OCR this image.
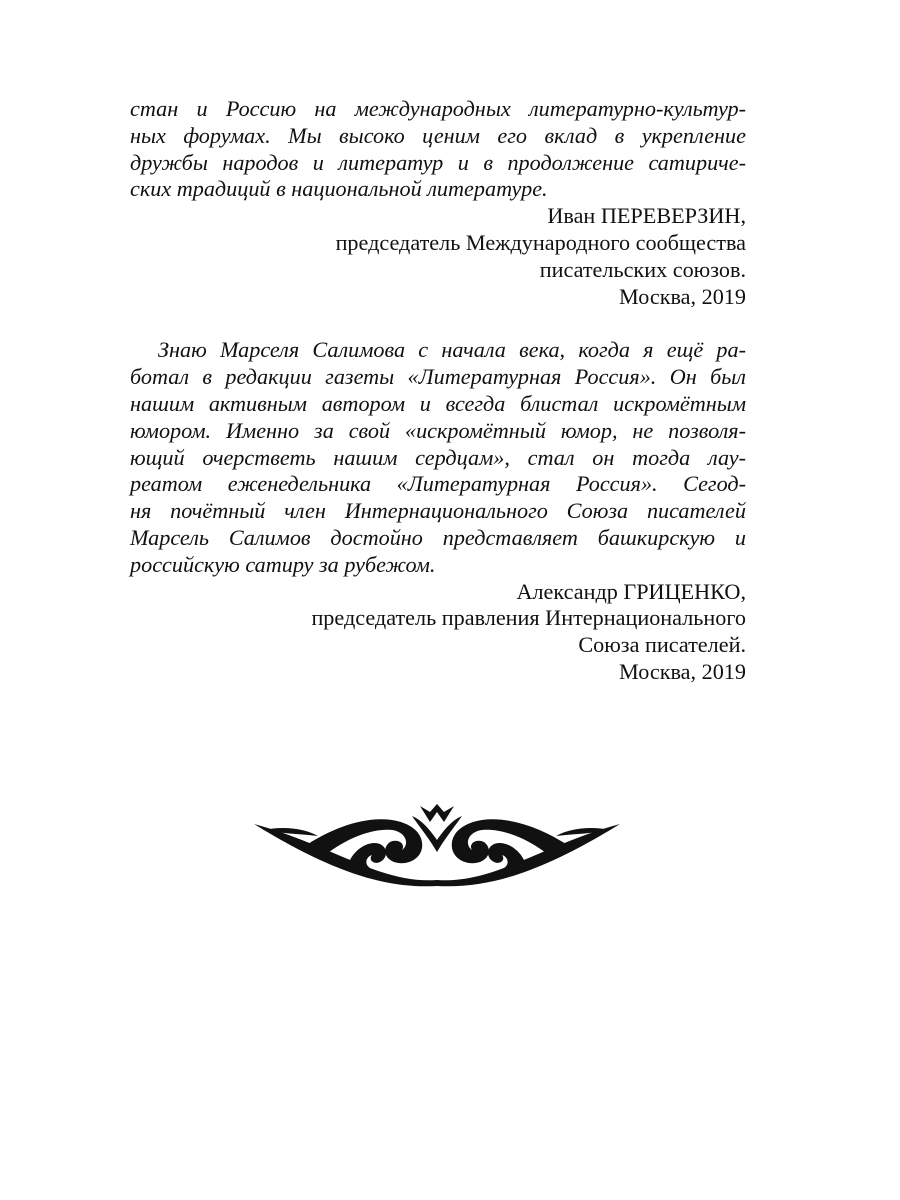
стан и Россию на международных литературно-культур-
ных форумах. Мы высоко ценим его вклад в укрепление
дружбы народов и литератур и в продолжение сатириче-
ских традиций в национальной литературе.

Иван ПЕРЕВЕРЗИН,
председатель Международного сообщества
писательских союзов.
Москва, 2019

Знаю Марселя Салимова с начала века, когда я ещё ра-
ботал в редакции газеты «Литературная Россия». Он был
нашим активным автором и всегда блистал искромётным
юмором. Именно за свой «искромётный юмор, не позволя-
ющий очерстветь нашим сердцам», стал он тогда лау-
реатом еженедельника «Литературная Россия». Сегод-
ня почётный член Интернационального Союза писателей
Марсель Салимов достойно представляет башкирскую и
российскую сатиру за рубежом.

Александр ГРИЦЕНКО,
председатель правления Интернационального
Союза писателей.
Москва, 2019
